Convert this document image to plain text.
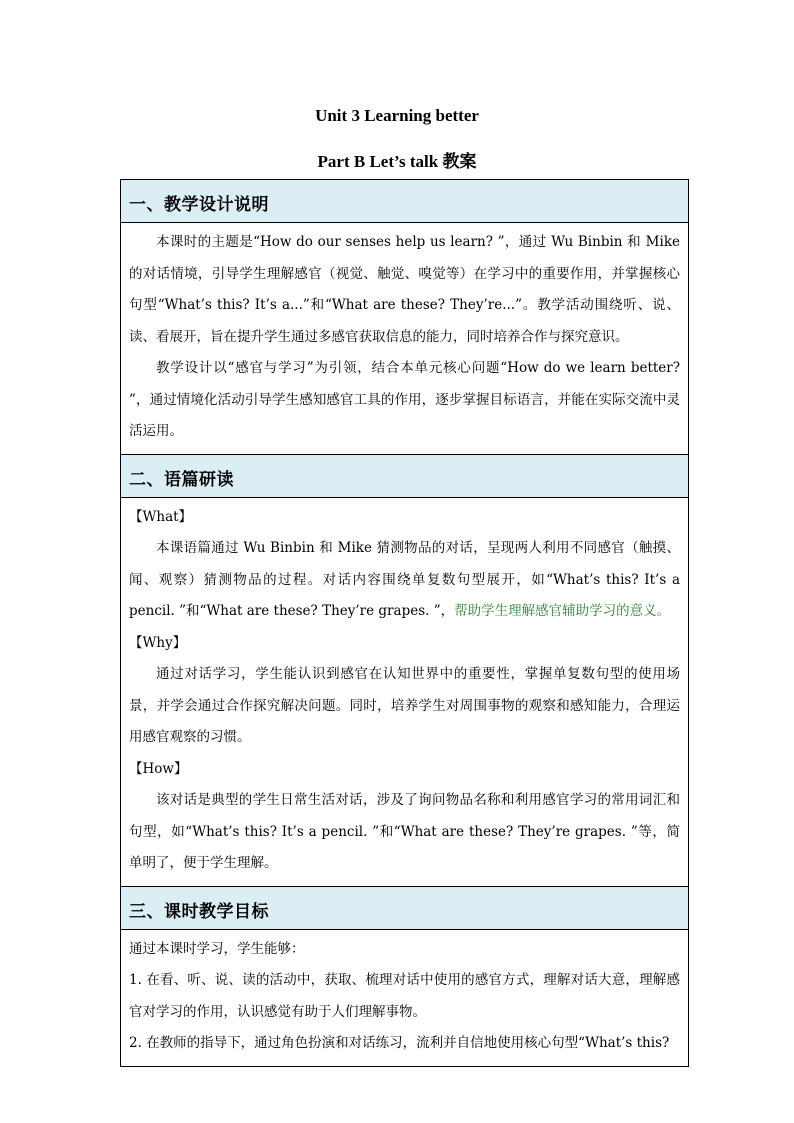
Unit 3 Learning better
Part B Let’s talk 教案
一、教学设计说明

本课时的主题是“How do our senses help us learn? ”，通过 Wu Binbin 和 Mike 的对话情境，引导学生理解感官（视觉、触觉、嗅觉等）在学习中的重要作用，并掌握核心句型“What’s this? It’s a...”和“What are these? They’re...”。教学活动围绕听、说、读、看展开，旨在提升学生通过多感官获取信息的能力，同时培养合作与探究意识。

教学设计以“感官与学习”为引领，结合本单元核心问题“How do we learn better? ”，通过情境化活动引导学生感知感官工具的作用，逐步掌握目标语言，并能在实际交流中灵活运用。

二、语篇研读

【What】

本课语篇通过 Wu Binbin 和 Mike 猜测物品的对话，呈现两人利用不同感官（触摸、闻、观察）猜测物品的过程。对话内容围绕单复数句型展开，如“What’s this? It’s a pencil. ”和“What are these? They’re grapes. ”，帮助学生理解感官辅助学习的意义。

【Why】

通过对话学习，学生能认识到感官在认知世界中的重要性，掌握单复数句型的使用场景，并学会通过合作探究解决问题。同时，培养学生对周围事物的观察和感知能力，合理运用感官观察的习惯。

【How】

该对话是典型的学生日常生活对话，涉及了询问物品名称和利用感官学习的常用词汇和句型，如“What’s this? It’s a pencil. ”和“What are these? They’re grapes. ”等，简单明了，便于学生理解。

三、课时教学目标

通过本课时学习，学生能够：

1. 在看、听、说、读的活动中，获取、梳理对话中使用的感官方式，理解对话大意，理解感官对学习的作用，认识感觉有助于人们理解事物。

2. 在教师的指导下，通过角色扮演和对话练习，流利并自信地使用核心句型“What’s this?
